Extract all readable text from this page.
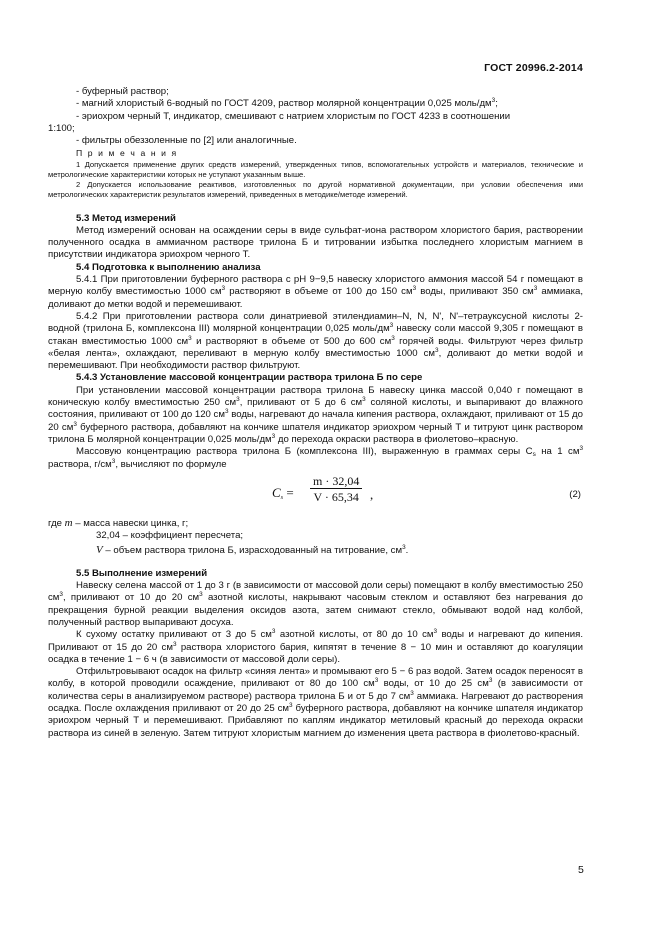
ГОСТ 20996.2-2014

- буферный раствор;

- магний хлористый 6-водный по ГОСТ 4209, раствор молярной концентрации 0,025 моль/$дм^3$;

- эриохром черный Т, индикатор, смешивают с натрием хлористым по ГОСТ 4233 в соотношении

1:100;

- фильтры обеззоленные по [2] или аналогичные.

П р и м е ч а н и я

1 Допускается применение других средств измерений, утвержденных типов, вспомогательных устройств и материалов, технические и метрологические характеристики которых не уступают указанным выше.

2 Допускается использование реактивов, изготовленных по другой нормативной документации, при условии обеспечения ими метрологических характеристик результатов измерений, приведенных в методике/методе измерений.

5.3 Метод измерений

Метод измерений основан на осаждении серы в виде сульфат-иона раствором хлористого бария, растворении полученного осадка в аммиачном растворе трилона Б и титровании избытка последнего хлористым магнием в присутствии индикатора эриохром черного Т.

5.4 Подготовка к выполнению анализа

5.4.1 При приготовлении буферного раствора с рН 9−9,5 навеску хлористого аммония массой 54 г помещают в мерную колбу вместимостью 1000 $см^3$ растворяют в объеме от 100 до 150 $см^3$ воды, приливают 350 $см^3$ аммиака, доливают до метки водой и перемешивают.

5.4.2 При приготовлении раствора соли динатриевой этилендиамин–N, N, N', N'–тетрауксусной кислоты 2-водной (трилона Б, комплексона III) молярной концентрации 0,025 моль/$дм^3$ навеску соли массой 9,305 г помещают в стакан вместимостью 1000 $см^3$ и растворяют в объеме от 500 до 600 $см^3$ горячей воды. Фильтруют через фильтр «белая лента», охлаждают, переливают в мерную колбу вместимостью 1000 $см^3$, доливают до метки водой и перемешивают. При необходимости раствор фильтруют.

5.4.3 Установление массовой концентрации раствора трилона Б по сере

При установлении массовой концентрации раствора трилона Б навеску цинка массой 0,040 г помещают в коническую колбу вместимостью 250 $см^3$, приливают от 5 до 6 $см^3$ соляной кислоты, и выпаривают до влажного состояния, приливают от 100 до 120 $см^3$ воды, нагревают до начала кипения раствора, охлаждают, приливают от 15 до 20 $см^3$ буферного раствора, добавляют на кончике шпателя индикатор эриохром черный Т и титруют цинк раствором трилона Б молярной концентрации 0,025 моль/$дм^3$ до перехода окраски раствора в фиолетово–красную.

Массовую концентрацию раствора трилона Б (комплексона III), выраженную в граммах серы $С_s$ на 1 $см^3$ раствора, $г/см^3$, вычисляют по формуле

$C_s = \frac{m \cdot 32,04}{V \cdot 65,34}$ ,	(2)

где m – масса навески цинка, г;

32,04 – коэффициент пересчета;

V – объем раствора трилона Б, израсходованный на титрование, $см^3$.

5.5 Выполнение измерений

Навеску селена массой от 1 до 3 г (в зависимости от массовой доли серы) помещают в колбу вместимостью 250 $см^3$, приливают от 10 до 20 $см^3$ азотной кислоты, накрывают часовым стеклом и оставляют без нагревания до прекращения бурной реакции выделения оксидов азота, затем снимают стекло, обмывают водой над колбой, полученный раствор выпаривают досуха.

К сухому остатку приливают от 3 до 5 $см^3$ азотной кислоты, от 80 до 10 $см^3$ воды и нагревают до кипения. Приливают от 15 до 20 $см^3$ раствора хлористого бария, кипятят в течение 8 − 10 мин и оставляют до коагуляции осадка в течение 1 − 6 ч (в зависимости от массовой доли серы).

Отфильтровывают осадок на фильтр «синяя лента» и промывают его 5 − 6 раз водой. Затем осадок переносят в колбу, в которой проводили осаждение, приливают от 80 до 100 $см^3$ воды, от 10 до 25 $см^3$ (в зависимости от количества серы в анализируемом растворе) раствора трилона Б и от 5 до 7 $см^3$ аммиака. Нагревают до растворения осадка. После охлаждения приливают от 20 до 25 $см^3$ буферного раствора, добавляют на кончике шпателя индикатор эриохром черный Т и перемешивают. Прибавляют по каплям индикатор метиловый красный до перехода окраски раствора из синей в зеленую. Затем титруют хлористым магнием до изменения цвета раствора в фиолетово-красный.

5
